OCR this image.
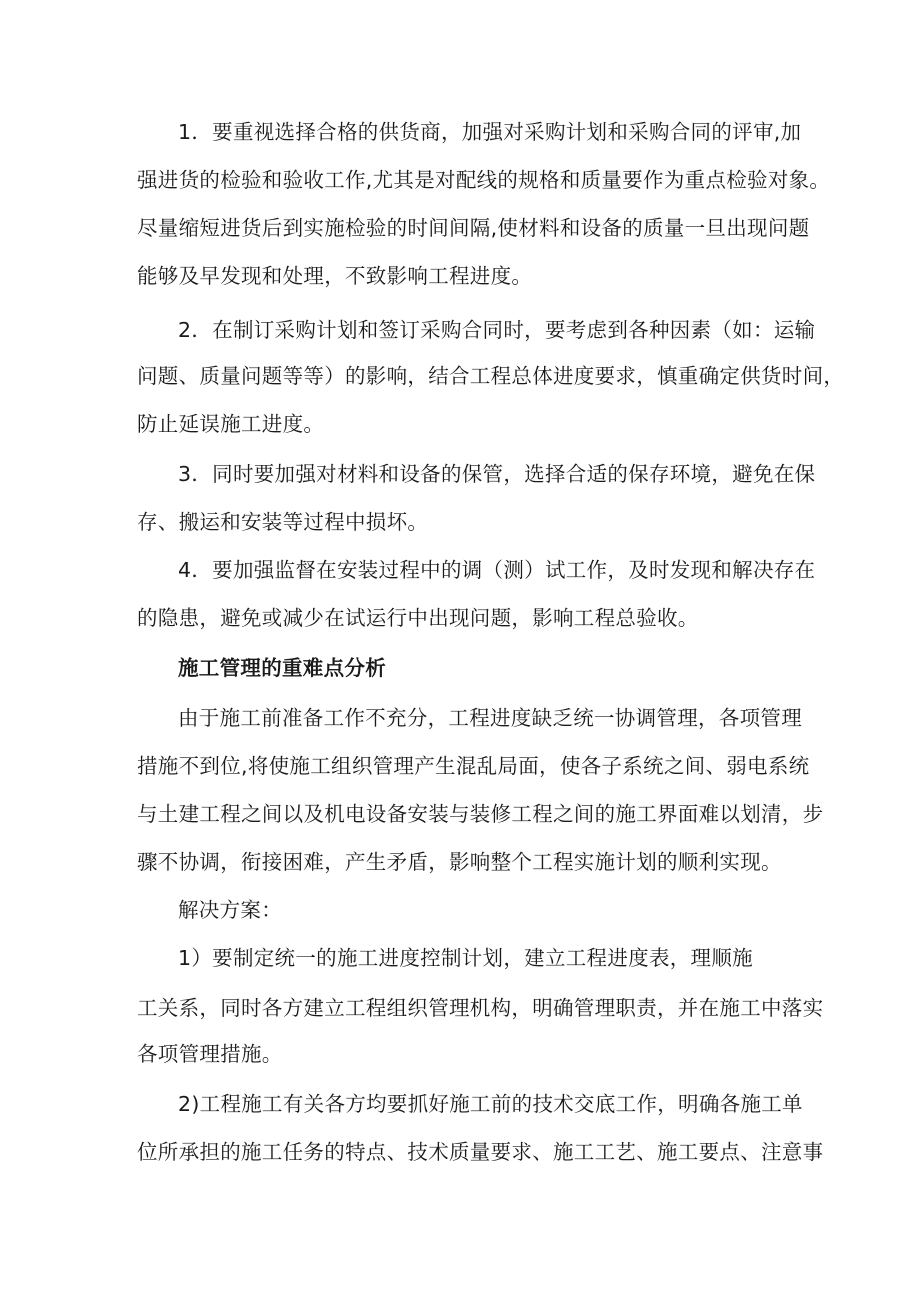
1．要重视选择合格的供货商，加强对采购计划和采购合同的评审,加
强进货的检验和验收工作,尤其是对配线的规格和质量要作为重点检验对象。
尽量缩短进货后到实施检验的时间间隔,使材料和设备的质量一旦出现问题
能够及早发现和处理，不致影响工程进度。
2．在制订采购计划和签订采购合同时，要考虑到各种因素（如：运输
问题、质量问题等等）的影响，结合工程总体进度要求，慎重确定供货时间，
防止延误施工进度。
3．同时要加强对材料和设备的保管，选择合适的保存环境，避免在保
存、搬运和安装等过程中损坏。
4．要加强监督在安装过程中的调（测）试工作，及时发现和解决存在
的隐患，避免或减少在试运行中出现问题，影响工程总验收。
施工管理的重难点分析
由于施工前准备工作不充分，工程进度缺乏统一协调管理，各项管理
措施不到位,将使施工组织管理产生混乱局面，使各子系统之间、弱电系统
与土建工程之间以及机电设备安装与装修工程之间的施工界面难以划清，步
骤不协调，衔接困难，产生矛盾，影响整个工程实施计划的顺利实现。
解决方案：
1）要制定统一的施工进度控制计划，建立工程进度表，理顺施
工关系，同时各方建立工程组织管理机构，明确管理职责，并在施工中落实
各项管理措施。
2)工程施工有关各方均要抓好施工前的技术交底工作，明确各施工单
位所承担的施工任务的特点、技术质量要求、施工工艺、施工要点、注意事
